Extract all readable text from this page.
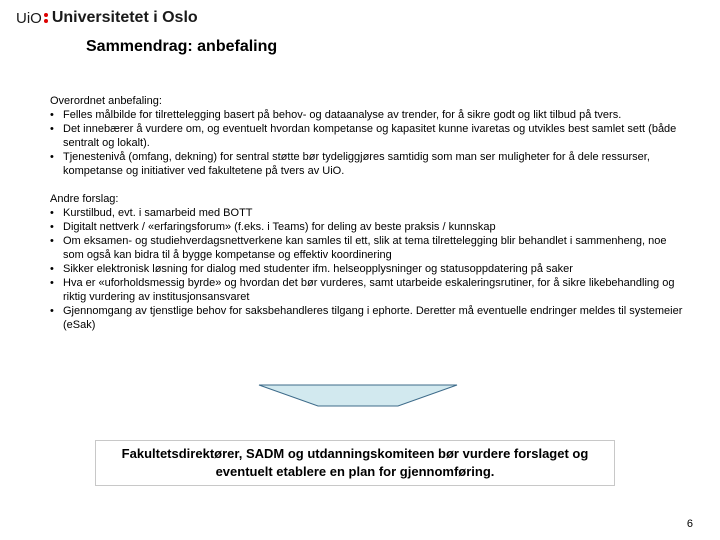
UiO Universitetet i Oslo
Sammendrag: anbefaling
Overordnet anbefaling:
• Felles målbilde for tilrettelegging basert på behov- og dataanalyse av trender, for å sikre godt og likt tilbud på tvers.
• Det innebærer å vurdere om, og eventuelt hvordan kompetanse og kapasitet kunne ivaretas og utvikles best samlet sett (både sentralt og lokalt).
• Tjenestenivå (omfang, dekning) for sentral støtte bør tydeliggjøres samtidig som man ser muligheter for å dele ressurser, kompetanse og initiativer ved fakultetene på tvers av UiO.
Andre forslag:
• Kurstilbud, evt. i samarbeid med BOTT
• Digitalt nettverk / «erfaringsforum» (f.eks. i Teams) for deling av beste praksis / kunnskap
• Om eksamen- og studiehverdagsnettverkene kan samles til ett, slik at tema tilrettelegging blir behandlet i sammenheng, noe som også kan bidra til å bygge kompetanse og effektiv koordinering
• Sikker elektronisk løsning for dialog med studenter ifm. helseopplysninger og statusoppdatering på saker
• Hva er «uforholdsmessig byrde» og hvordan det bør vurderes, samt utarbeide eskaleringsrutiner, for å sikre likebehandling og riktig vurdering av institusjonsansvaret
• Gjennomgang av tjenstlige behov for saksbehandleres tilgang i ephorte. Deretter må eventuelle endringer meldes til systemeier (eSak)
Fakultetsdirektører, SADM og utdanningskomiteen bør vurdere forslaget og eventuelt etablere en plan for gjennomføring.
6
